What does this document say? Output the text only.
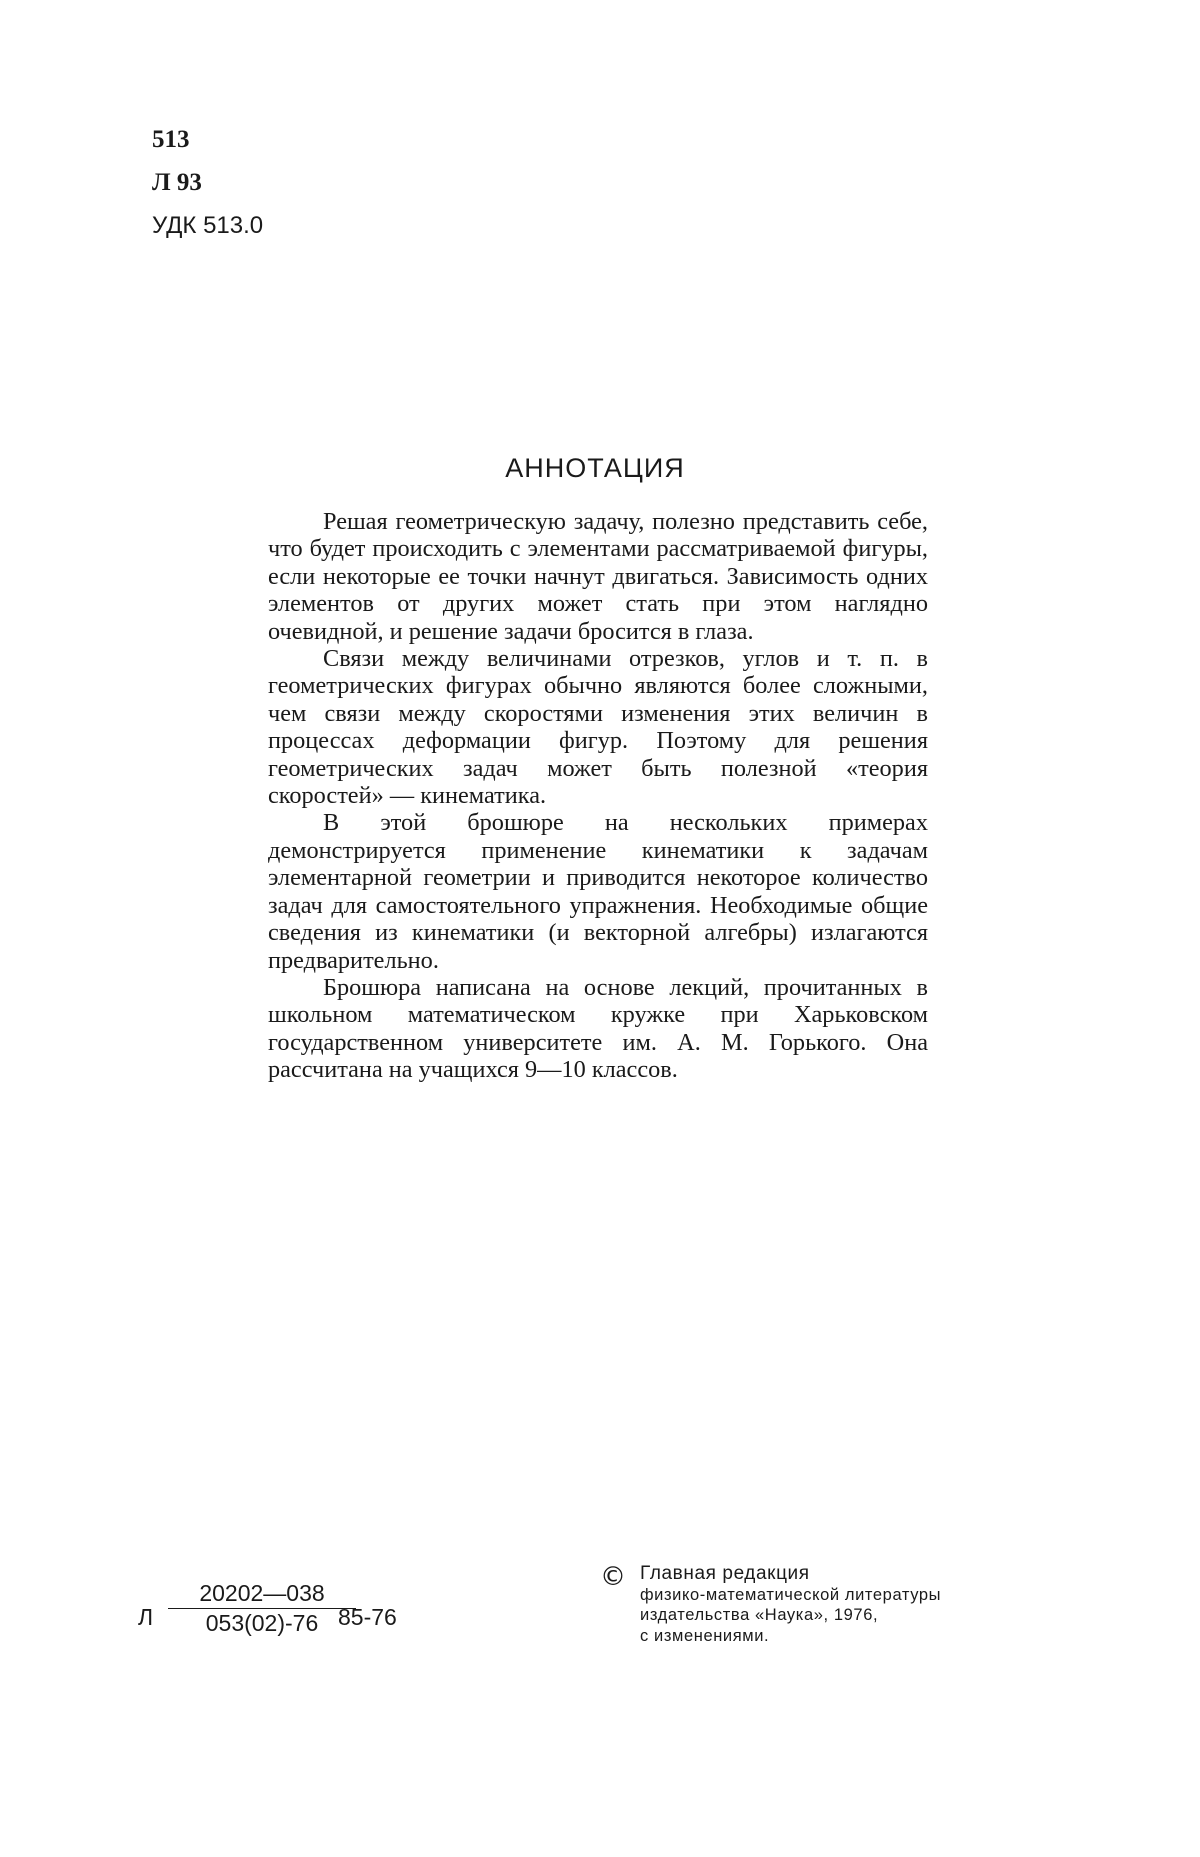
513
Л 93
УДК 513.0
АННОТАЦИЯ

Решая геометрическую задачу, полезно представить себе, что будет происходить с элементами рассматриваемой фигуры, если некоторые ее точки начнут двигаться. Зависимость одних элементов от других может стать при этом наглядно очевидной, и решение задачи бросится в глаза.

Связи между величинами отрезков, углов и т. п. в геометрических фигурах обычно являются более сложными, чем связи между скоростями изменения этих величин в процессах деформации фигур. Поэтому для решения геометрических задач может быть полезной «теория скоростей» — кинематика.

В этой брошюре на нескольких примерах демонстрируется применение кинематики к задачам элементарной геометрии и приводится некоторое количество задач для самостоятельного упражнения. Необходимые общие сведения из кинематики (и векторной алгебры) излагаются предварительно.

Брошюра написана на основе лекций, прочитанных в школьном математическом кружке при Харьковском государственном университете им. А. М. Горького. Она рассчитана на учащихся 9—10 классов.

Л $\frac{20202—038}{053(02)-76}$
85-76
© Главная редакция
физико-математической литературы
издательства «Наука», 1976,
с изменениями.
